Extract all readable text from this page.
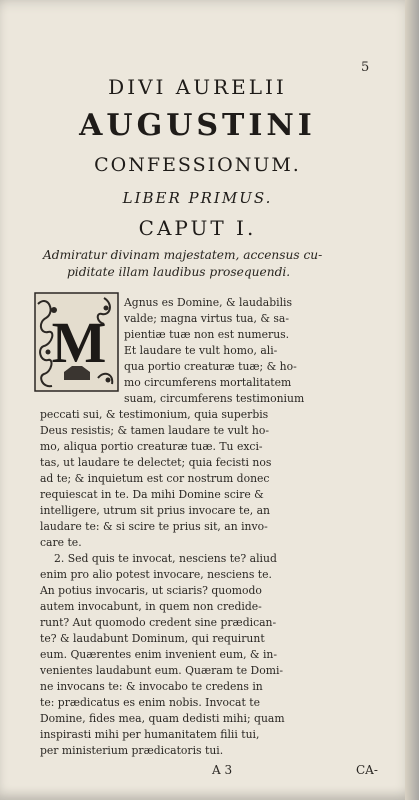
5
DIVI AURELII
AUGUSTINI
CONFESSIONUM.
LIBER PRIMUS.
CAPUT I.
Admiratur divinam majestatem, accensus cu-
piditate illam laudibus prosequendi.
M
Agnus es Domine, & laudabilis
valde; magna virtus tua, & sa-
pientiæ tuæ non est numerus.
Et laudare te vult homo, ali-
qua portio creaturæ tuæ; & ho-
mo circumferens mortalitatem
suam, circumferens testimonium
peccati sui, & testimonium, quia superbis
Deus resistis; & tamen laudare te vult ho-
mo, aliqua portio creaturæ tuæ. Tu exci-
tas, ut laudare te delectet; quia fecisti nos
ad te; & inquietum est cor nostrum donec
requiescat in te. Da mihi Domine scire &
intelligere, utrum sit prius invocare te, an
laudare te: & si scire te prius sit, an invo-
care te.
2. Sed quis te invocat, nesciens te? aliud
enim pro alio potest invocare, nesciens te.
An potius invocaris, ut sciaris? quomodo
autem invocabunt, in quem non credide-
runt? Aut quomodo credent sine prædican-
te? & laudabunt Dominum, qui requirunt
eum. Quærentes enim invenient eum, & in-
venientes laudabunt eum. Quæram te Domi-
ne invocans te: & invocabo te credens in
te: prædicatus es enim nobis. Invocat te
Domine, fides mea, quam dedisti mihi; quam
inspirasti mihi per humanitatem filii tui,
per ministerium prædicatoris tui.
A 3	CA-
